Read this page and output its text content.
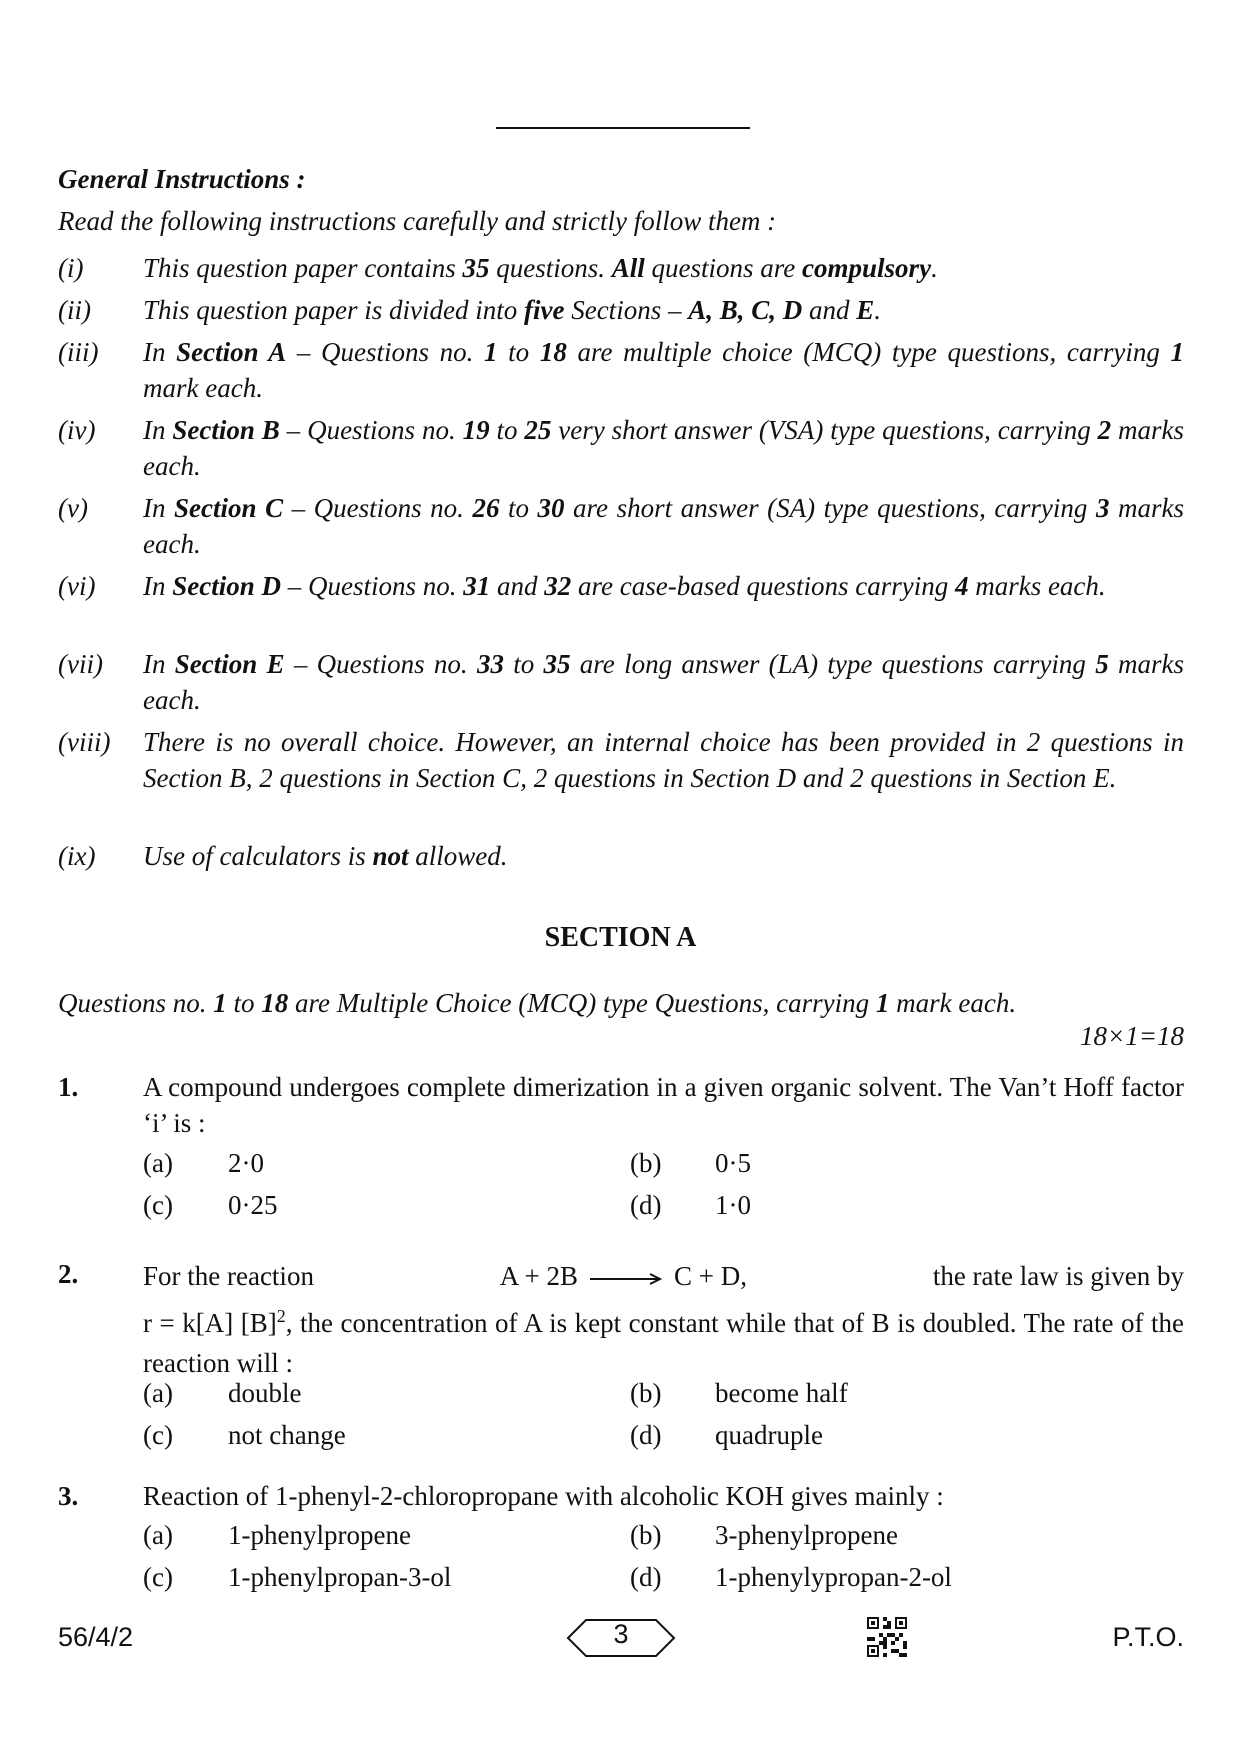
General Instructions :
Read the following instructions carefully and strictly follow them :
(i) This question paper contains 35 questions. All questions are compulsory.
(ii) This question paper is divided into five Sections – A, B, C, D and E.
(iii) In Section A – Questions no. 1 to 18 are multiple choice (MCQ) type questions, carrying 1 mark each.
(iv) In Section B – Questions no. 19 to 25 very short answer (VSA) type questions, carrying 2 marks each.
(v) In Section C – Questions no. 26 to 30 are short answer (SA) type questions, carrying 3 marks each.
(vi) In Section D – Questions no. 31 and 32 are case-based questions carrying 4 marks each.
(vii) In Section E – Questions no. 33 to 35 are long answer (LA) type questions carrying 5 marks each.
(viii) There is no overall choice. However, an internal choice has been provided in 2 questions in Section B, 2 questions in Section C, 2 questions in Section D and 2 questions in Section E.
(ix) Use of calculators is not allowed.
SECTION A
Questions no. 1 to 18 are Multiple Choice (MCQ) type Questions, carrying 1 mark each.
18×1=18
1. A compound undergoes complete dimerization in a given organic solvent. The Van’t Hoff factor ‘i’ is :
(a) 2·0	(b) 0·5
(c) 0·25	(d) 1·0
2. For the reaction	A + 2B → C + D,	the rate law is given by
r = k[A] $[B]^2$, the concentration of A is kept constant while that of B is doubled. The rate of the reaction will :
(a) double	(b) become half
(c) not change	(d) quadruple
3. Reaction of 1-phenyl-2-chloropropane with alcoholic KOH gives mainly :
(a) 1-phenylpropene	(b) 3-phenylpropene
(c) 1-phenylpropan-3-ol	(d) 1-phenylypropan-2-ol
56/4/2	3	P.T.O.
